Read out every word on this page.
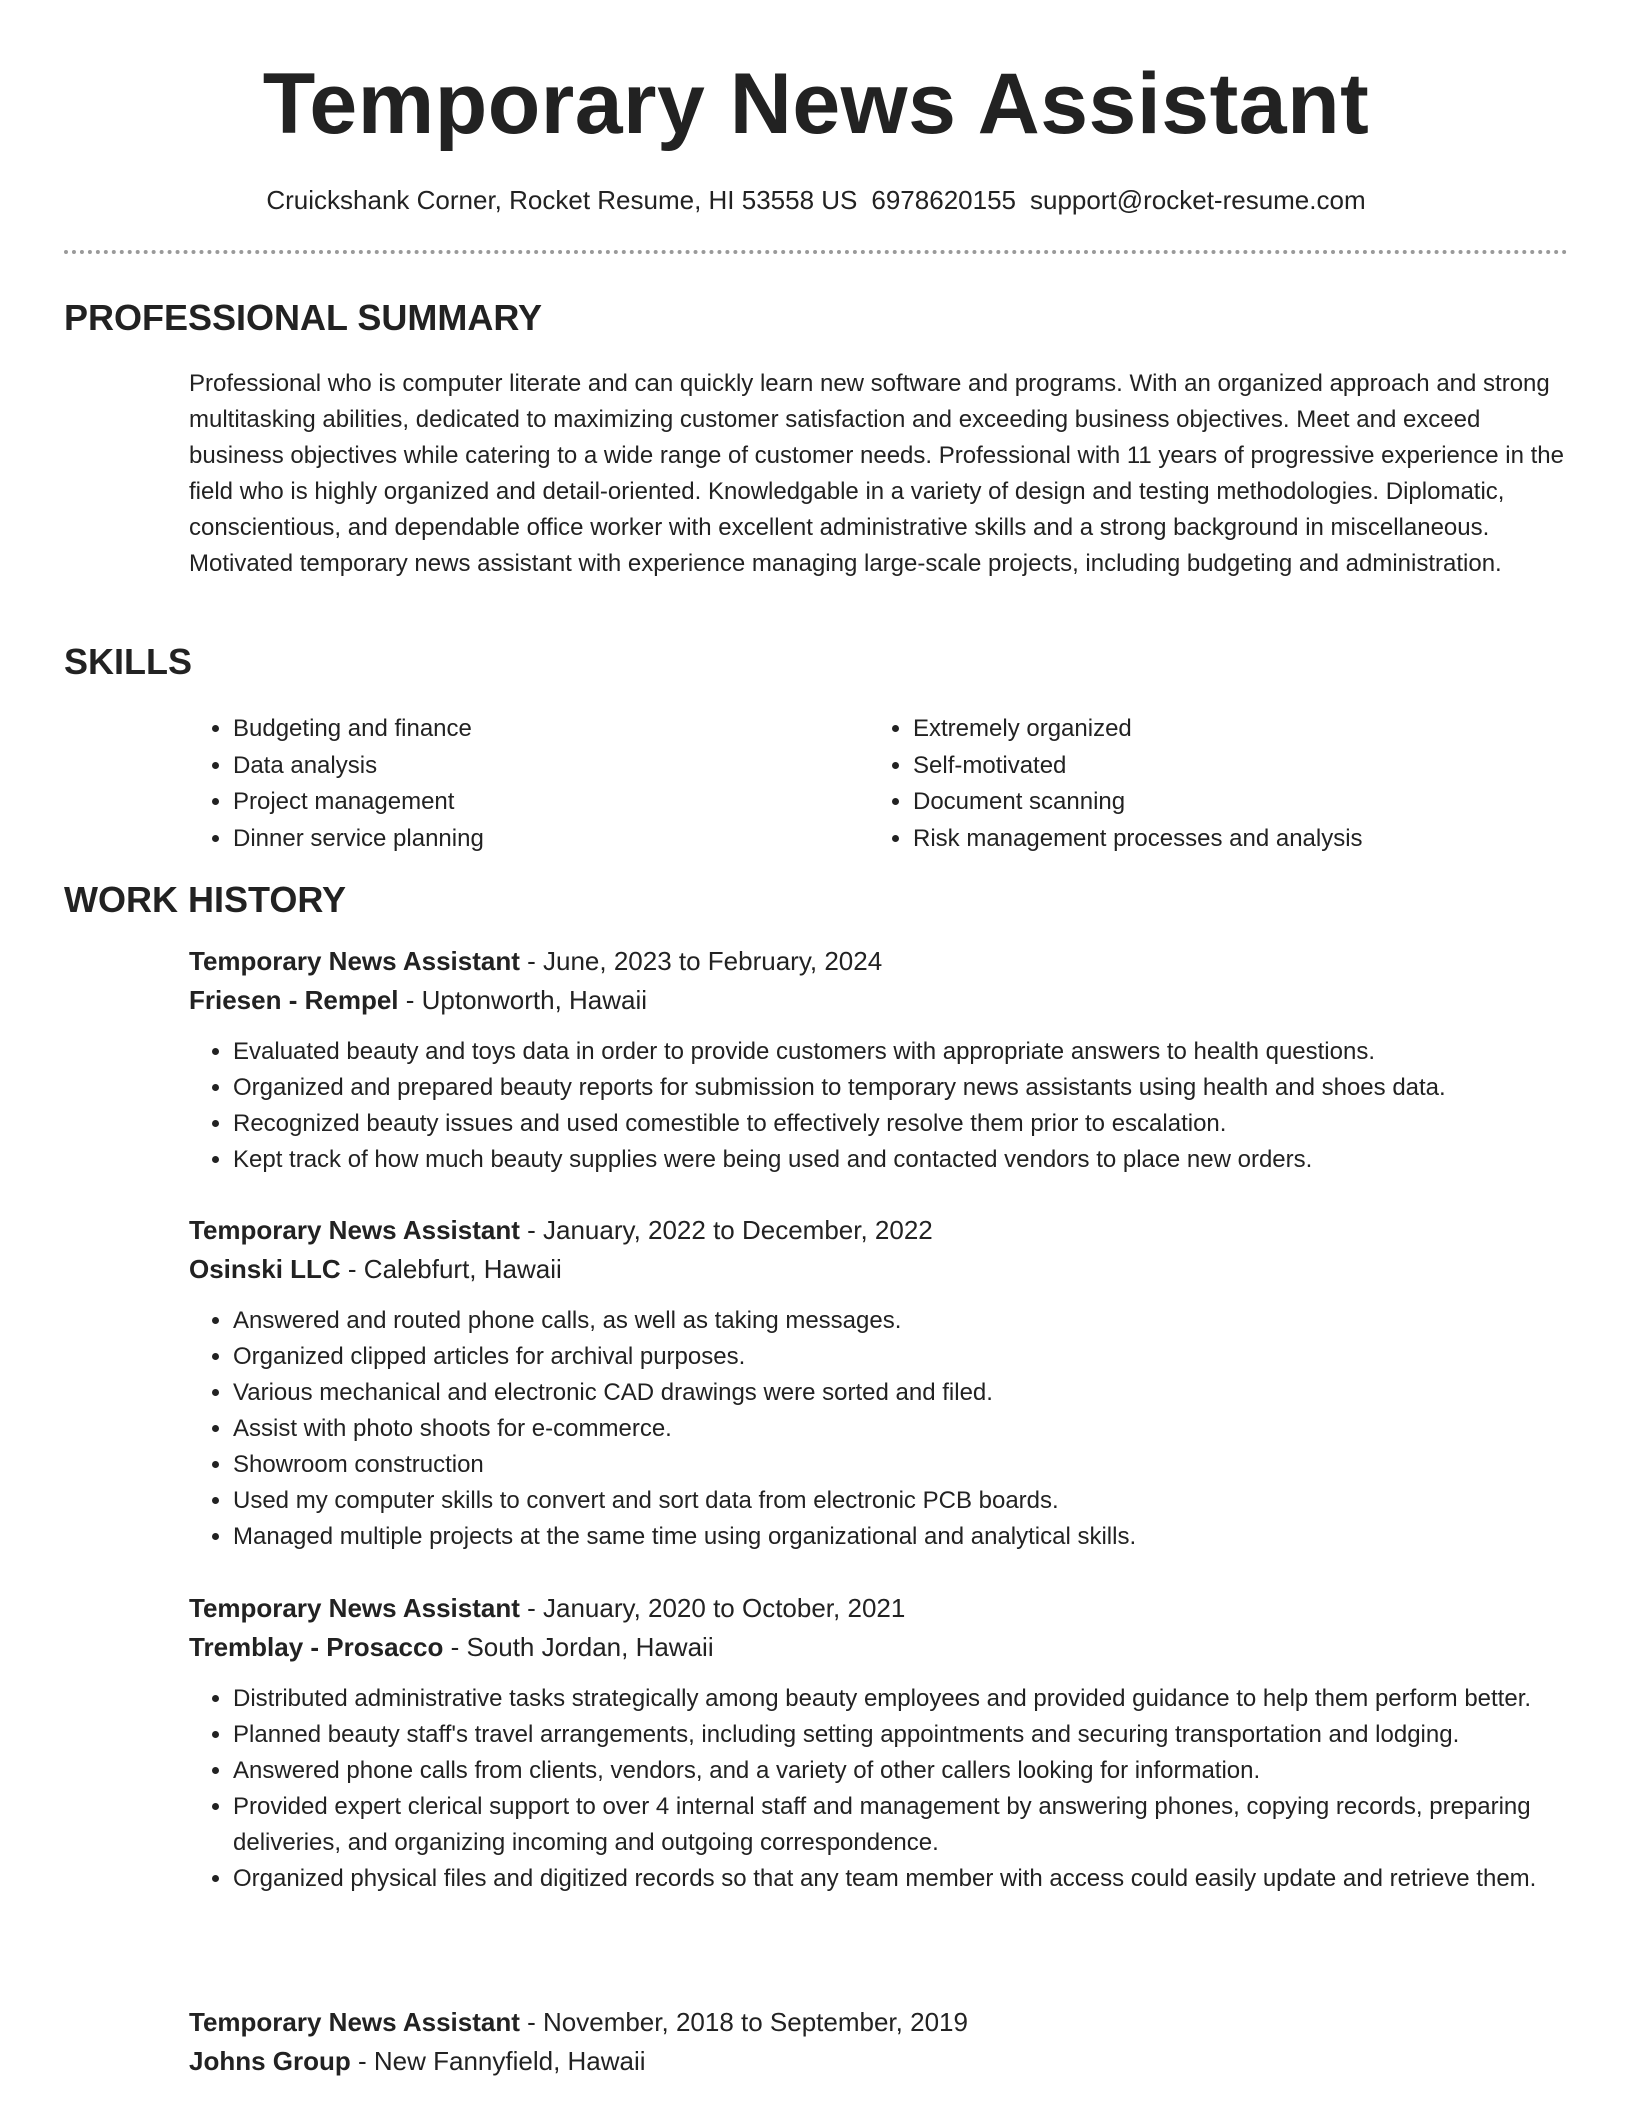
Temporary News Assistant
Cruickshank Corner, Rocket Resume, HI 53558 US 6978620155 support@rocket-resume.com
PROFESSIONAL SUMMARY

Professional who is computer literate and can quickly learn new software and programs. With an organized approach and strong multitasking abilities, dedicated to maximizing customer satisfaction and exceeding business objectives. Meet and exceed business objectives while catering to a wide range of customer needs. Professional with 11 years of progressive experience in the field who is highly organized and detail-oriented. Knowledgable in a variety of design and testing methodologies. Diplomatic, conscientious, and dependable office worker with excellent administrative skills and a strong background in miscellaneous. Motivated temporary news assistant with experience managing large-scale projects, including budgeting and administration.

SKILLS
• Budgeting and finance
• Data analysis
• Project management
• Dinner service planning
• Extremely organized
• Self-motivated
• Document scanning
• Risk management processes and analysis
WORK HISTORY
Temporary News Assistant - June, 2023 to February, 2024
Friesen - Rempel - Uptonworth, Hawaii
• Evaluated beauty and toys data in order to provide customers with appropriate answers to health questions.
• Organized and prepared beauty reports for submission to temporary news assistants using health and shoes data.
• Recognized beauty issues and used comestible to effectively resolve them prior to escalation.
• Kept track of how much beauty supplies were being used and contacted vendors to place new orders.
Temporary News Assistant - January, 2022 to December, 2022
Osinski LLC - Calebfurt, Hawaii
• Answered and routed phone calls, as well as taking messages.
• Organized clipped articles for archival purposes.
• Various mechanical and electronic CAD drawings were sorted and filed.
• Assist with photo shoots for e-commerce.
• Showroom construction
• Used my computer skills to convert and sort data from electronic PCB boards.
• Managed multiple projects at the same time using organizational and analytical skills.
Temporary News Assistant - January, 2020 to October, 2021
Tremblay - Prosacco - South Jordan, Hawaii
• Distributed administrative tasks strategically among beauty employees and provided guidance to help them perform better.
• Planned beauty staff's travel arrangements, including setting appointments and securing transportation and lodging.
• Answered phone calls from clients, vendors, and a variety of other callers looking for information.
• Provided expert clerical support to over 4 internal staff and management by answering phones, copying records, preparing deliveries, and organizing incoming and outgoing correspondence.
• Organized physical files and digitized records so that any team member with access could easily update and retrieve them.
Temporary News Assistant - November, 2018 to September, 2019
Johns Group - New Fannyfield, Hawaii
